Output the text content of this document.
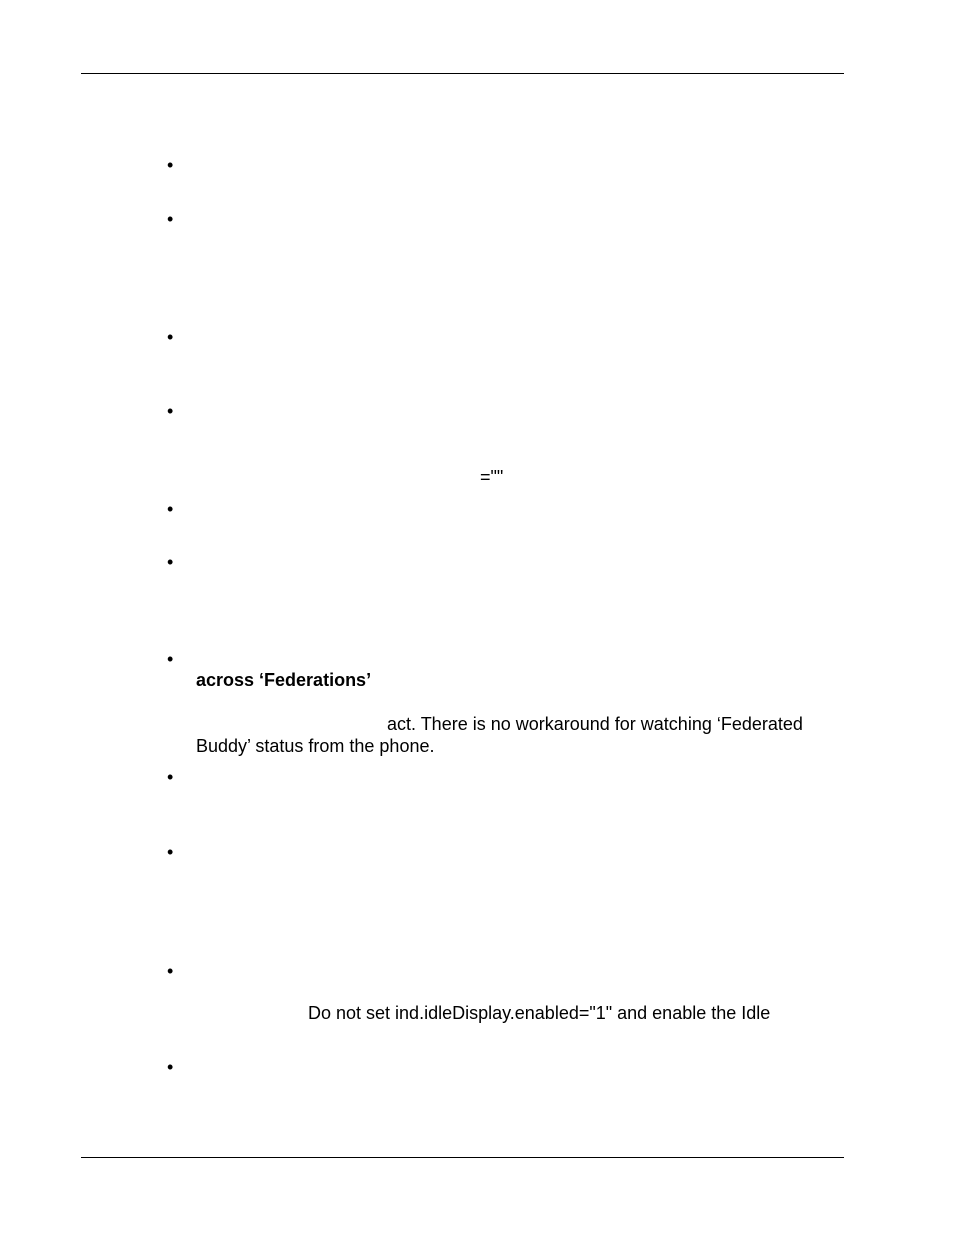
•
•
•
•
=""
•
•
•
across ‘Federations’
act. There is no workaround for watching ‘Federated
Buddy’ status from the phone.
•
•
•
Do not set ind.idleDisplay.enabled="1" and enable the Idle
•
